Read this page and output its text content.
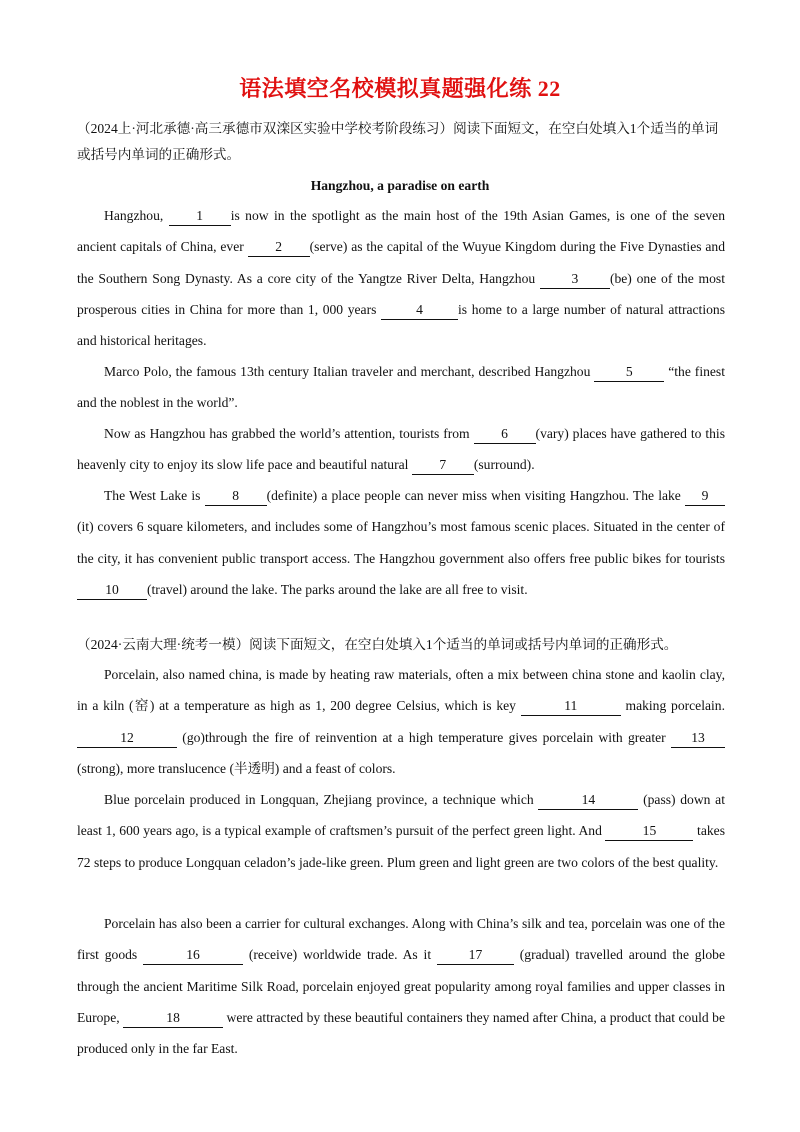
语法填空名校模拟真题强化练 22

（2024上·河北承德·高三承德市双滦区实验中学校考阶段练习）阅读下面短文，在空白处填入1个适当的单词或括号内单词的正确形式。

Hangzhou, a paradise on earth

Hangzhou, 1 is now in the spotlight as the main host of the 19th Asian Games, is one of the seven ancient capitals of China, ever 2 (serve) as the capital of the Wuyue Kingdom during the Five Dynasties and the Southern Song Dynasty. As a core city of the Yangtze River Delta, Hangzhou 3 (be) one of the most prosperous cities in China for more than 1, 000 years	4	is home to a large number of natural attractions and historical heritages.

Marco Polo, the famous 13th century Italian traveler and merchant, described Hangzhou 5 “the finest and the noblest in the world”.

Now as Hangzhou has grabbed the world’s attention, tourists from 6 (vary) places have gathered to this heavenly city to enjoy its slow life pace and beautiful natural 7 (surround).

The West Lake is 8 (definite) a place people can never miss when visiting Hangzhou. The lake 9 (it) covers 6 square kilometers, and includes some of Hangzhou’s most famous scenic places. Situated in the center of the city, it has convenient public transport access. The Hangzhou government also offers free public bikes for tourists 10 (travel) around the lake. The parks around the lake are all free to visit.

（2024·云南大理·统考一模）阅读下面短文，在空白处填入1个适当的单词或括号内单词的正确形式。

Porcelain, also named china, is made by heating raw materials, often a mix between china stone and kaolin clay, in a kiln (窑) at a temperature as high as 1, 200 degree Celsius, which is key	11	making porcelain. 12	(go)through the fire of reinvention at a high temperature gives porcelain with greater 13 (strong), more translucence (半透明) and a feast of colors.

Blue porcelain produced in Longquan, Zhejiang province, a technique which	14	(pass) down at least 1, 600 years ago, is a typical example of craftsmen’s pursuit of the perfect green light. And	15	takes 72 steps to produce Longquan celadon’s jade-like green. Plum green and light green are two colors of the best quality.

Porcelain has also been a carrier for cultural exchanges. Along with China’s silk and tea, porcelain was one of the first goods	16	(receive) worldwide trade. As it 17 (gradual) travelled around the globe through the ancient Maritime Silk Road, porcelain enjoyed great popularity among royal families and upper classes in Europe,	18	were attracted by these beautiful containers they named after China, a product that could be produced only in the far East.
